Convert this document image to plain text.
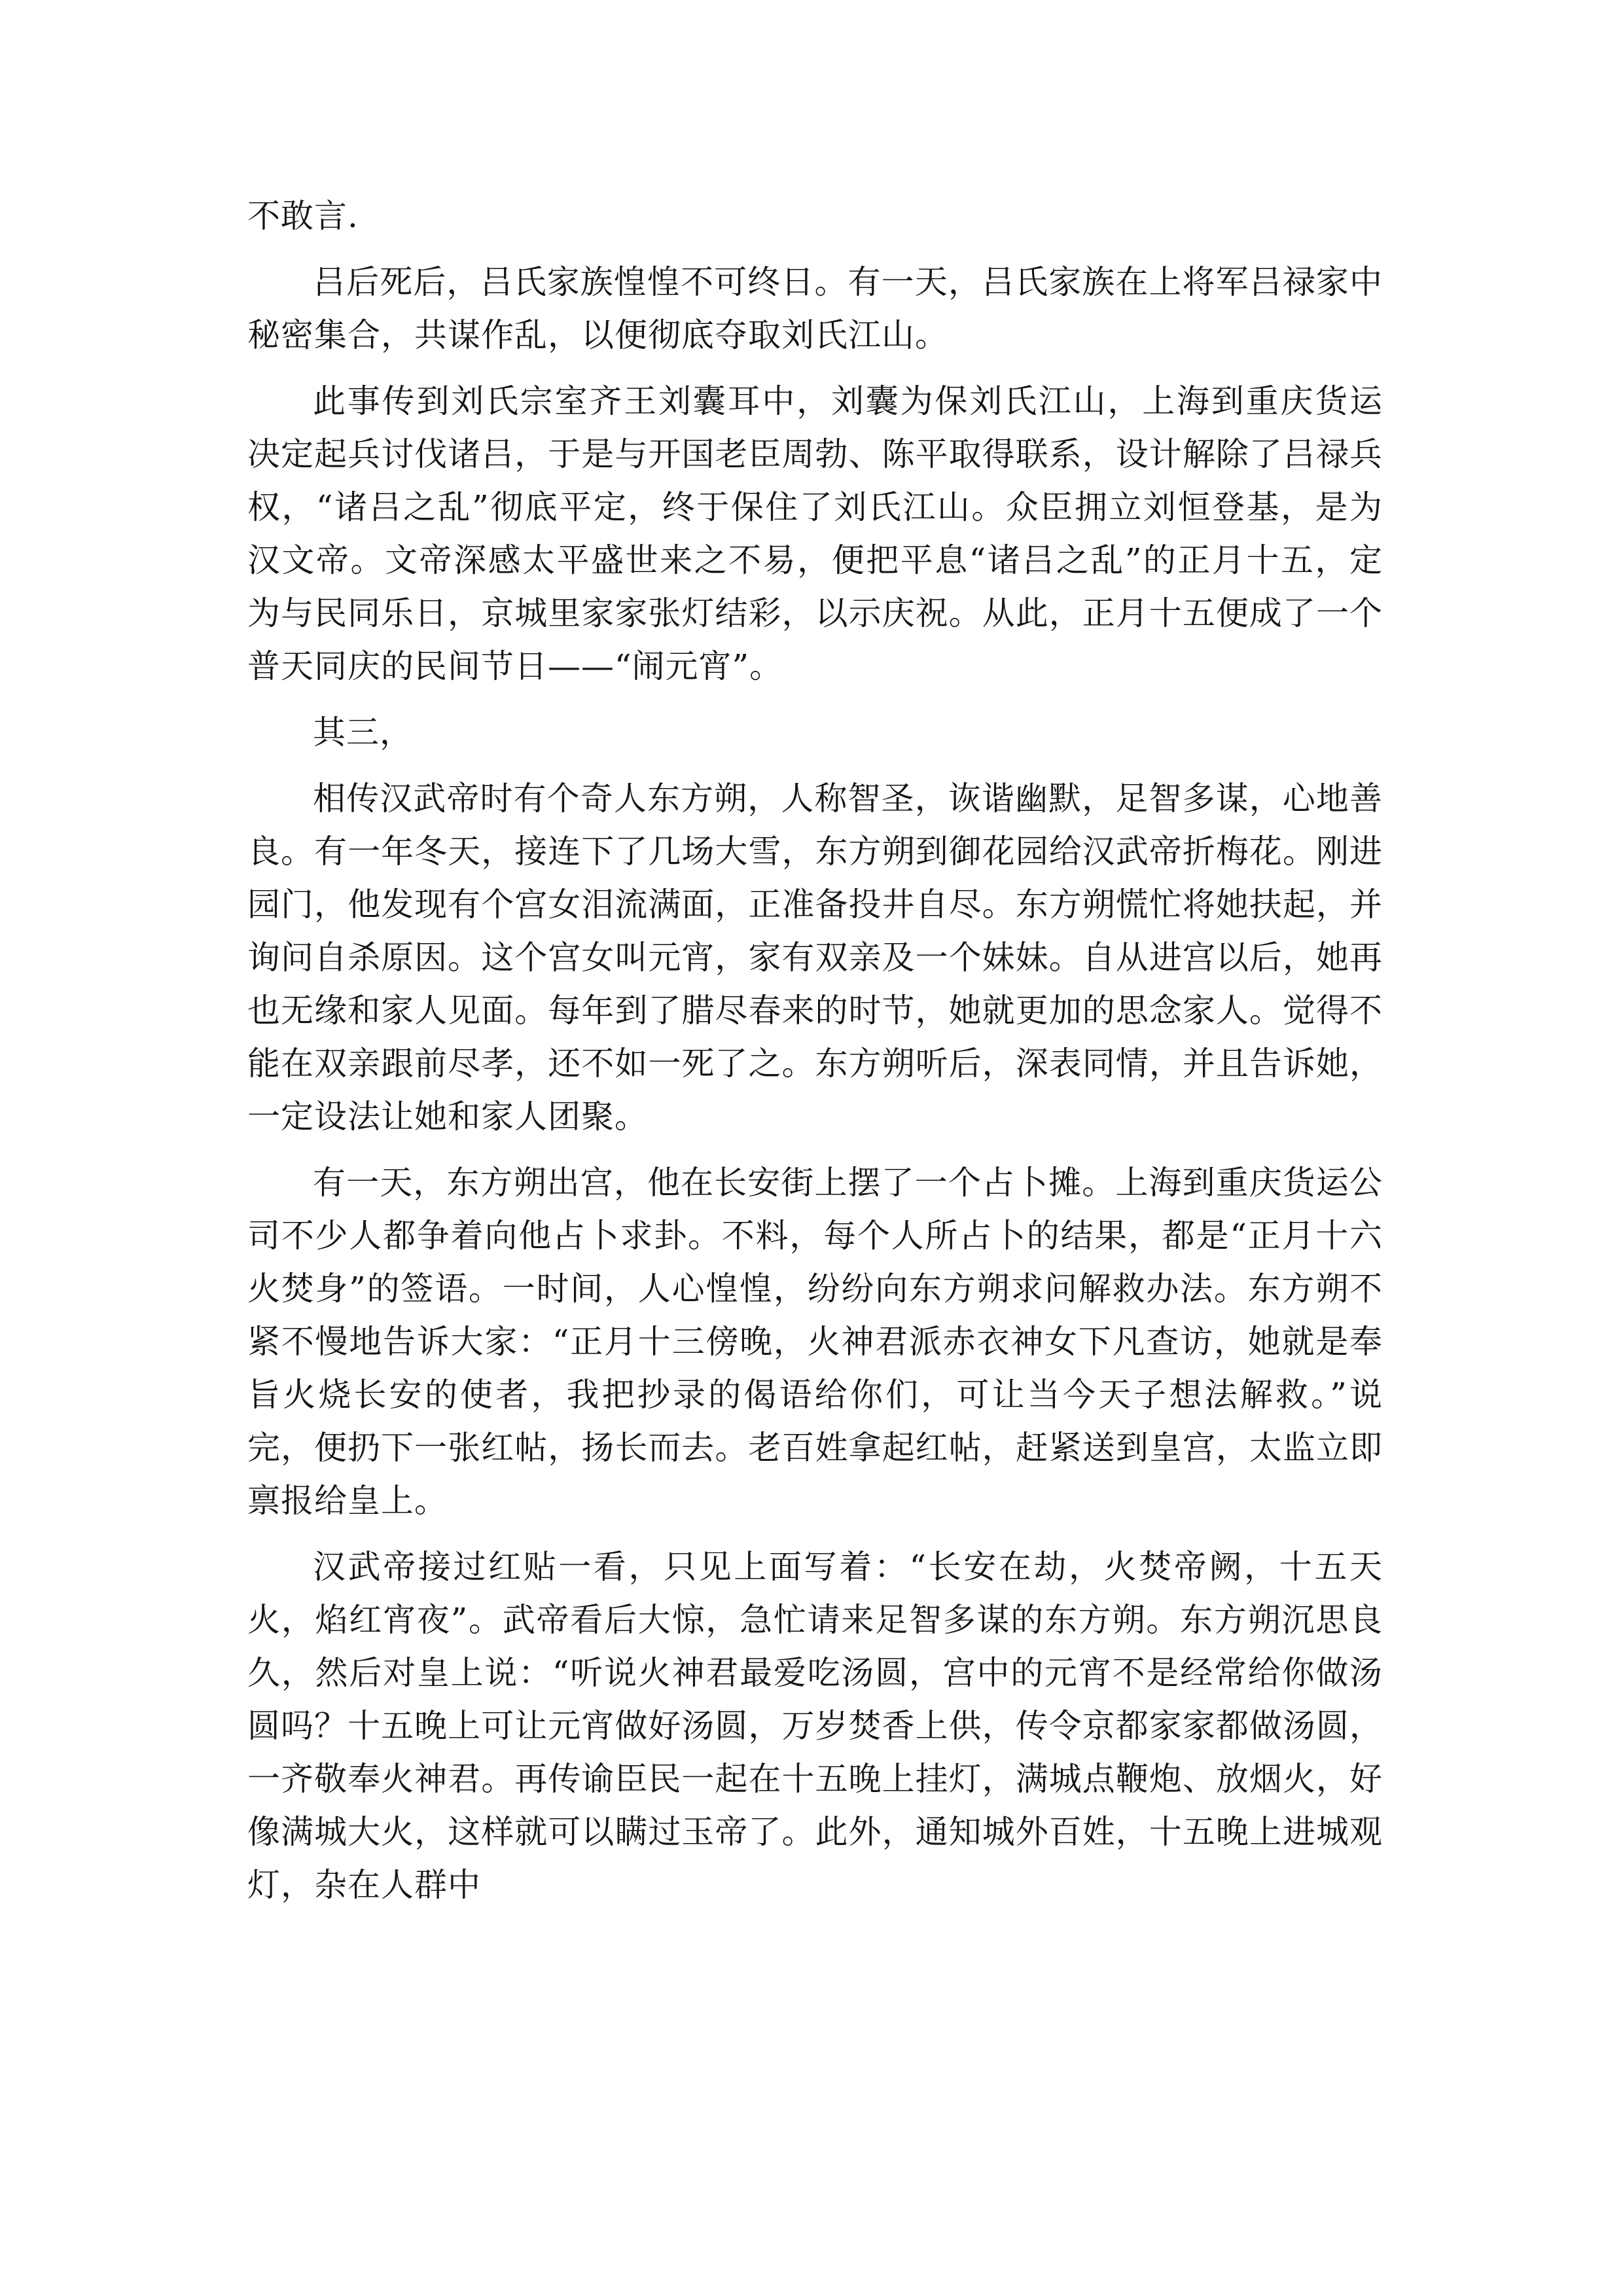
不敢言.

吕后死后，吕氏家族惶惶不可终日。有一天，吕氏家族在上将军吕禄家中秘密集合，共谋作乱，以便彻底夺取刘氏江山。

此事传到刘氏宗室齐王刘囊耳中，刘囊为保刘氏江山，上海到重庆货运 决定起兵讨伐诸吕，于是与开国老臣周勃、陈平取得联系，设计解除了吕禄兵权，“诸吕之乱”彻底平定，终于保住了刘氏江山。众臣拥立刘恒登基，是为汉文帝。文帝深感太平盛世来之不易，便把平息“诸吕之乱”的正月十五，定为与民同乐日，京城里家家张灯结彩，以示庆祝。从此，正月十五便成了一个普天同庆的民间节日——“闹元宵”。

其三，

相传汉武帝时有个奇人东方朔，人称智圣，诙谐幽默，足智多谋，心地善良。有一年冬天，接连下了几场大雪，东方朔到御花园给汉武帝折梅花。刚进园门，他发现有个宫女泪流满面，正准备投井自尽。东方朔慌忙将她扶起，并询问自杀原因。这个宫女叫元宵，家有双亲及一个妹妹。自从进宫以后，她再也无缘和家人见面。每年到了腊尽春来的时节，她就更加的思念家人。觉得不能在双亲跟前尽孝，还不如一死了之。东方朔听后，深表同情，并且告诉她，一定设法让她和家人团聚。

有一天，东方朔出宫，他在长安街上摆了一个占卜摊。上海到重庆货运公司不少人都争着向他占卜求卦。不料，每个人所占卜的结果，都是“正月十六火焚身”的签语。一时间，人心惶惶，纷纷向东方朔求问解救办法。东方朔不紧不慢地告诉大家：“正月十三傍晚，火神君派赤衣神女下凡查访，她就是奉旨火烧长安的使者，我把抄录的偈语给你们，可让当今天子想法解救。”说完，便扔下一张红帖，扬长而去。老百姓拿起红帖，赶紧送到皇宫，太监立即禀报给皇上。

汉武帝接过红贴一看，只见上面写着：“长安在劫，火焚帝阙，十五天火，焰红宵夜”。武帝看后大惊，急忙请来足智多谋的东方朔。东方朔沉思良久，然后对皇上说：“听说火神君最爱吃汤圆，宫中的元宵不是经常给你做汤圆吗？十五晚上可让元宵做好汤圆，万岁焚香上供，传令京都家家都做汤圆，一齐敬奉火神君。再传谕臣民一起在十五晚上挂灯，满城点鞭炮、放烟火，好像满城大火，这样就可以瞒过玉帝了。此外，通知城外百姓，十五晚上进城观灯，杂在人群中
